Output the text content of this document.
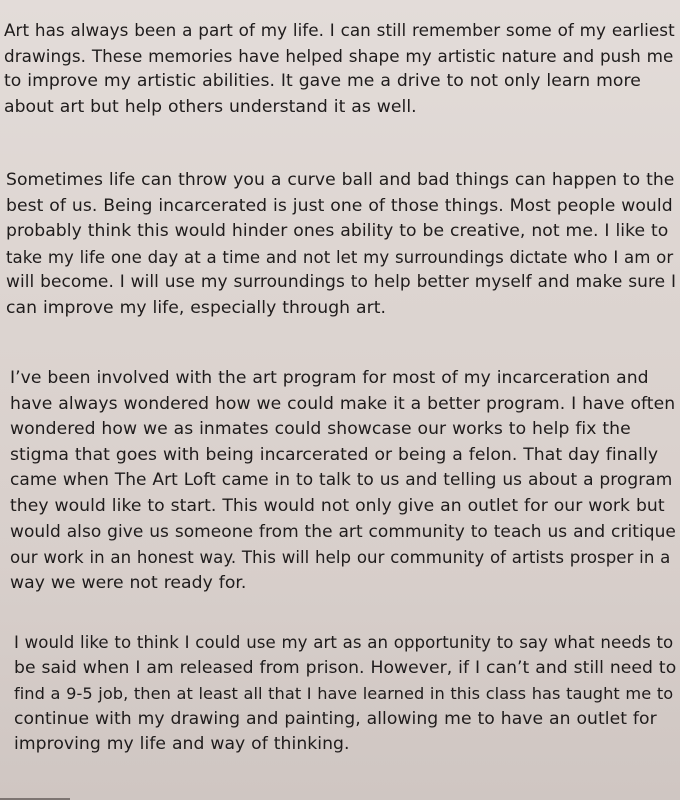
Art has always been a part of my life. I can still remember some of my earliest
drawings. These memories have helped shape my artistic nature and push me
to improve my artistic abilities. It gave me a drive to not only learn more
about art but help others understand it as well.

Sometimes life can throw you a curve ball and bad things can happen to the
best of us. Being incarcerated is just one of those things. Most people would
probably think this would hinder ones ability to be creative, not me. I like to
take my life one day at a time and not let my surroundings dictate who I am or
will become. I will use my surroundings to help better myself and make sure I
can improve my life, especially through art.

I’ve been involved with the art program for most of my incarceration and
have always wondered how we could make it a better program. I have often
wondered how we as inmates could showcase our works to help fix the
stigma that goes with being incarcerated or being a felon. That day finally
came when The Art Loft came in to talk to us and telling us about a program
they would like to start. This would not only give an outlet for our work but
would also give us someone from the art community to teach us and critique
our work in an honest way. This will help our community of artists prosper in a
way we were not ready for.

I would like to think I could use my art as an opportunity to say what needs to
be said when I am released from prison. However, if I can’t and still need to
find a 9-5 job, then at least all that I have learned in this class has taught me to
continue with my drawing and painting, allowing me to have an outlet for
improving my life and way of thinking.
